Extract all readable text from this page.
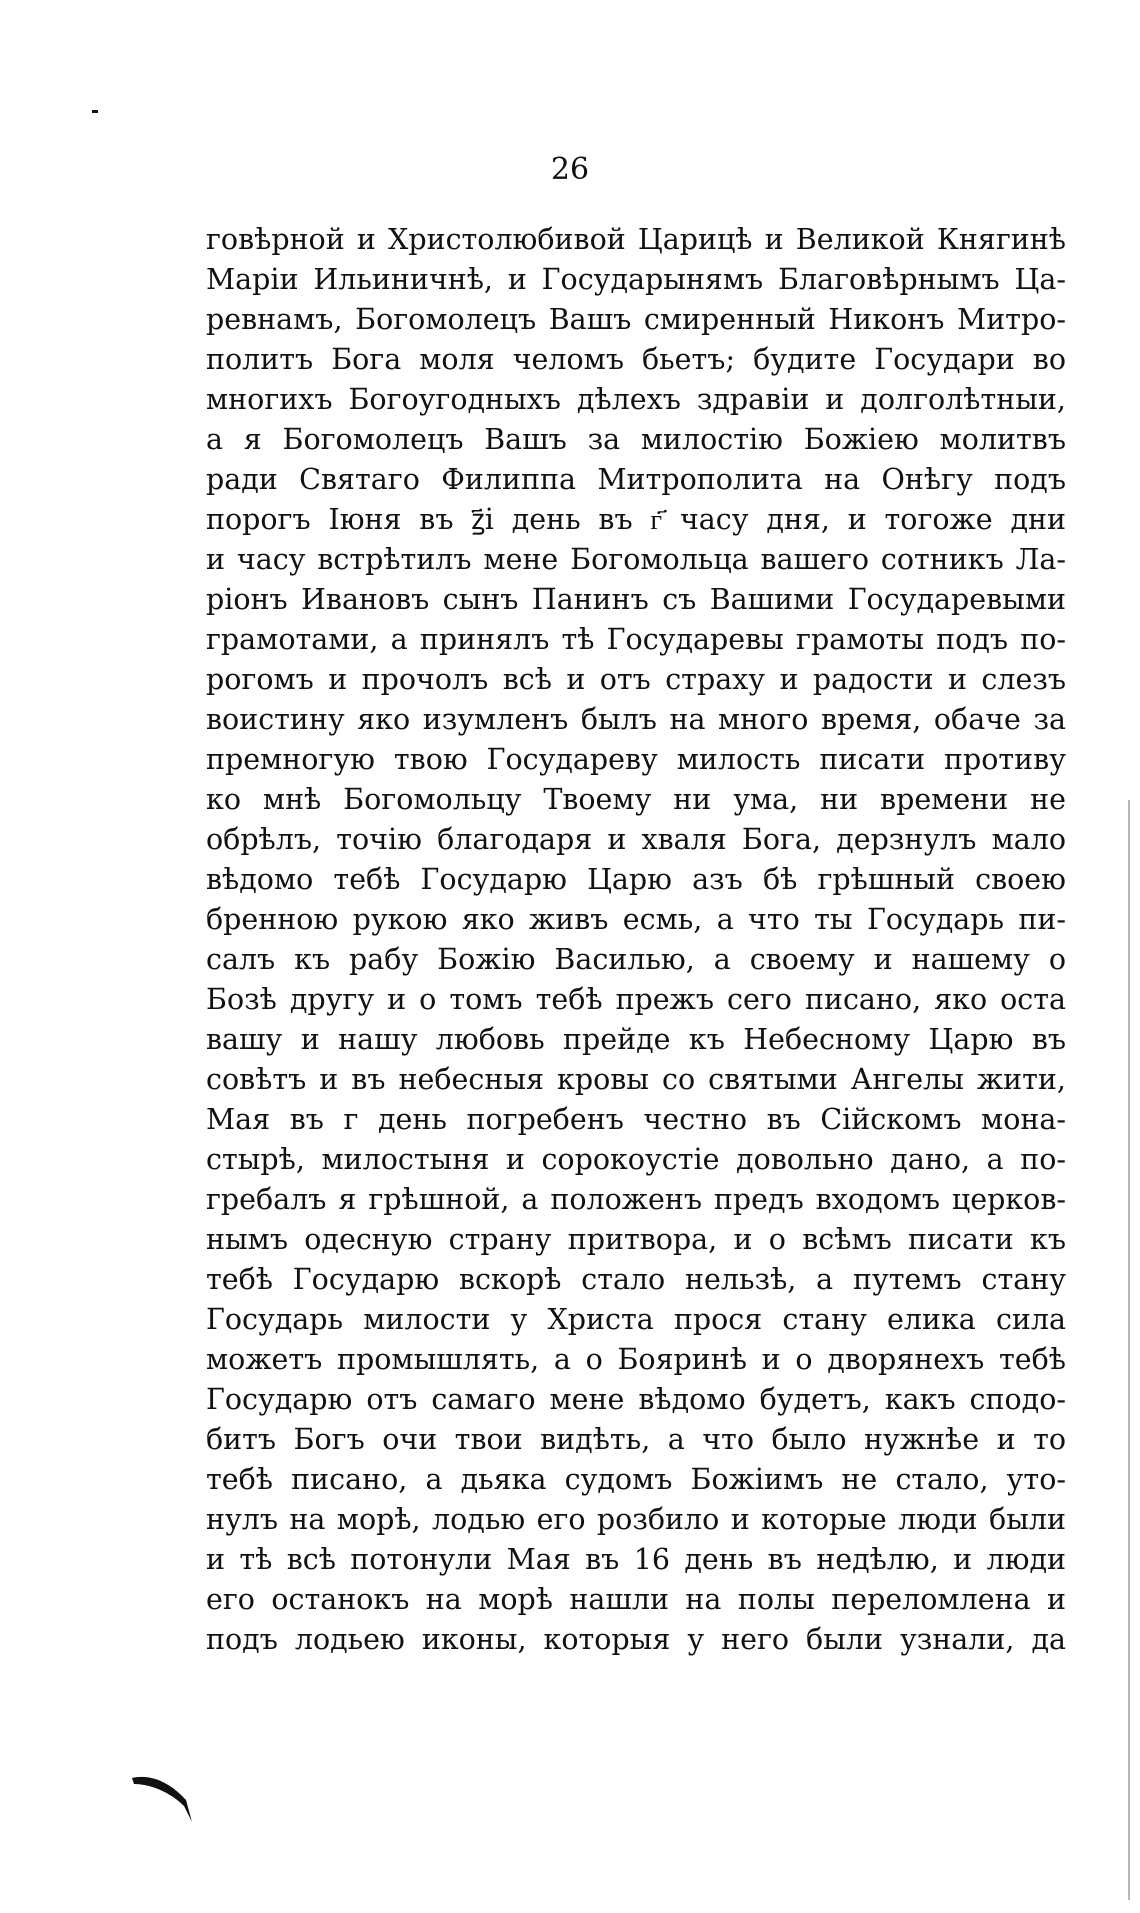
26
говѣрной и Христолюбивой Царицѣ и Великой Княгинѣ
Маріи Ильиничнѣ, и Государынямъ Благовѣрнымъ Ца-
ревнамъ, Богомолецъ Вашъ смиренный Никонъ Митро-
политъ Бога моля челомъ бьетъ; будите Государи во
многихъ Богоугодныхъ дѣлехъ здравіи и долголѣтныи,
а я Богомолецъ Вашъ за милостію Божіею молитвъ
ради Святаго Филиппа Митрополита на Онѣгу подъ
порогъ Іюня въ ꙁ҃і день въ г҃ часу дня, и тогоже дни
и часу встрѣтилъ мене Богомольца вашего сотникъ Ла-
ріонъ Ивановъ сынъ Панинъ съ Вашими Государевыми
грамотами, а принялъ тѣ Государевы грамоты подъ по-
рогомъ и прочолъ всѣ и отъ страху и радости и слезъ
воистину яко изумленъ былъ на много время, обаче за
премногую твою Государеву милость писати противу
ко мнѣ Богомольцу Твоему ни ума, ни времени не
обрѣлъ, точію благодаря и хваля Бога, дерзнулъ мало
вѣдомо тебѣ Государю Царю азъ бѣ грѣшный своею
бренною рукою яко живъ есмь, а что ты Государь пи-
салъ къ рабу Божію Василью, а своему и нашему о
Бозѣ другу и о томъ тебѣ прежъ сего писано, яко оста
вашу и нашу любовь прейде къ Небесному Царю въ
совѣтъ и въ небесныя кровы со святыми Ангелы жити,
Мая въ г день погребенъ честно въ Сійскомъ мона-
стырѣ, милостыня и сорокоустіе довольно дано, а по-
гребалъ я грѣшной, а положенъ предъ входомъ церков-
нымъ одесную страну притвора, и о всѣмъ писати къ
тебѣ Государю вскорѣ стало нельзѣ, а путемъ стану
Государь милости у Христа прося стану елика сила
можетъ промышлять, а о Бояринѣ и о дворянехъ тебѣ
Государю отъ самаго мене вѣдомо будетъ, какъ сподо-
битъ Богъ очи твои видѣть, а что было нужнѣе и то
тебѣ писано, а дьяка судомъ Божіимъ не стало, уто-
нулъ на морѣ, лодью его розбило и которые люди были
и тѣ всѣ потонули Мая въ 16 день въ недѣлю, и люди
его останокъ на морѣ нашли на полы переломлена и
подъ лодьею иконы, которыя у него были узнали, да
